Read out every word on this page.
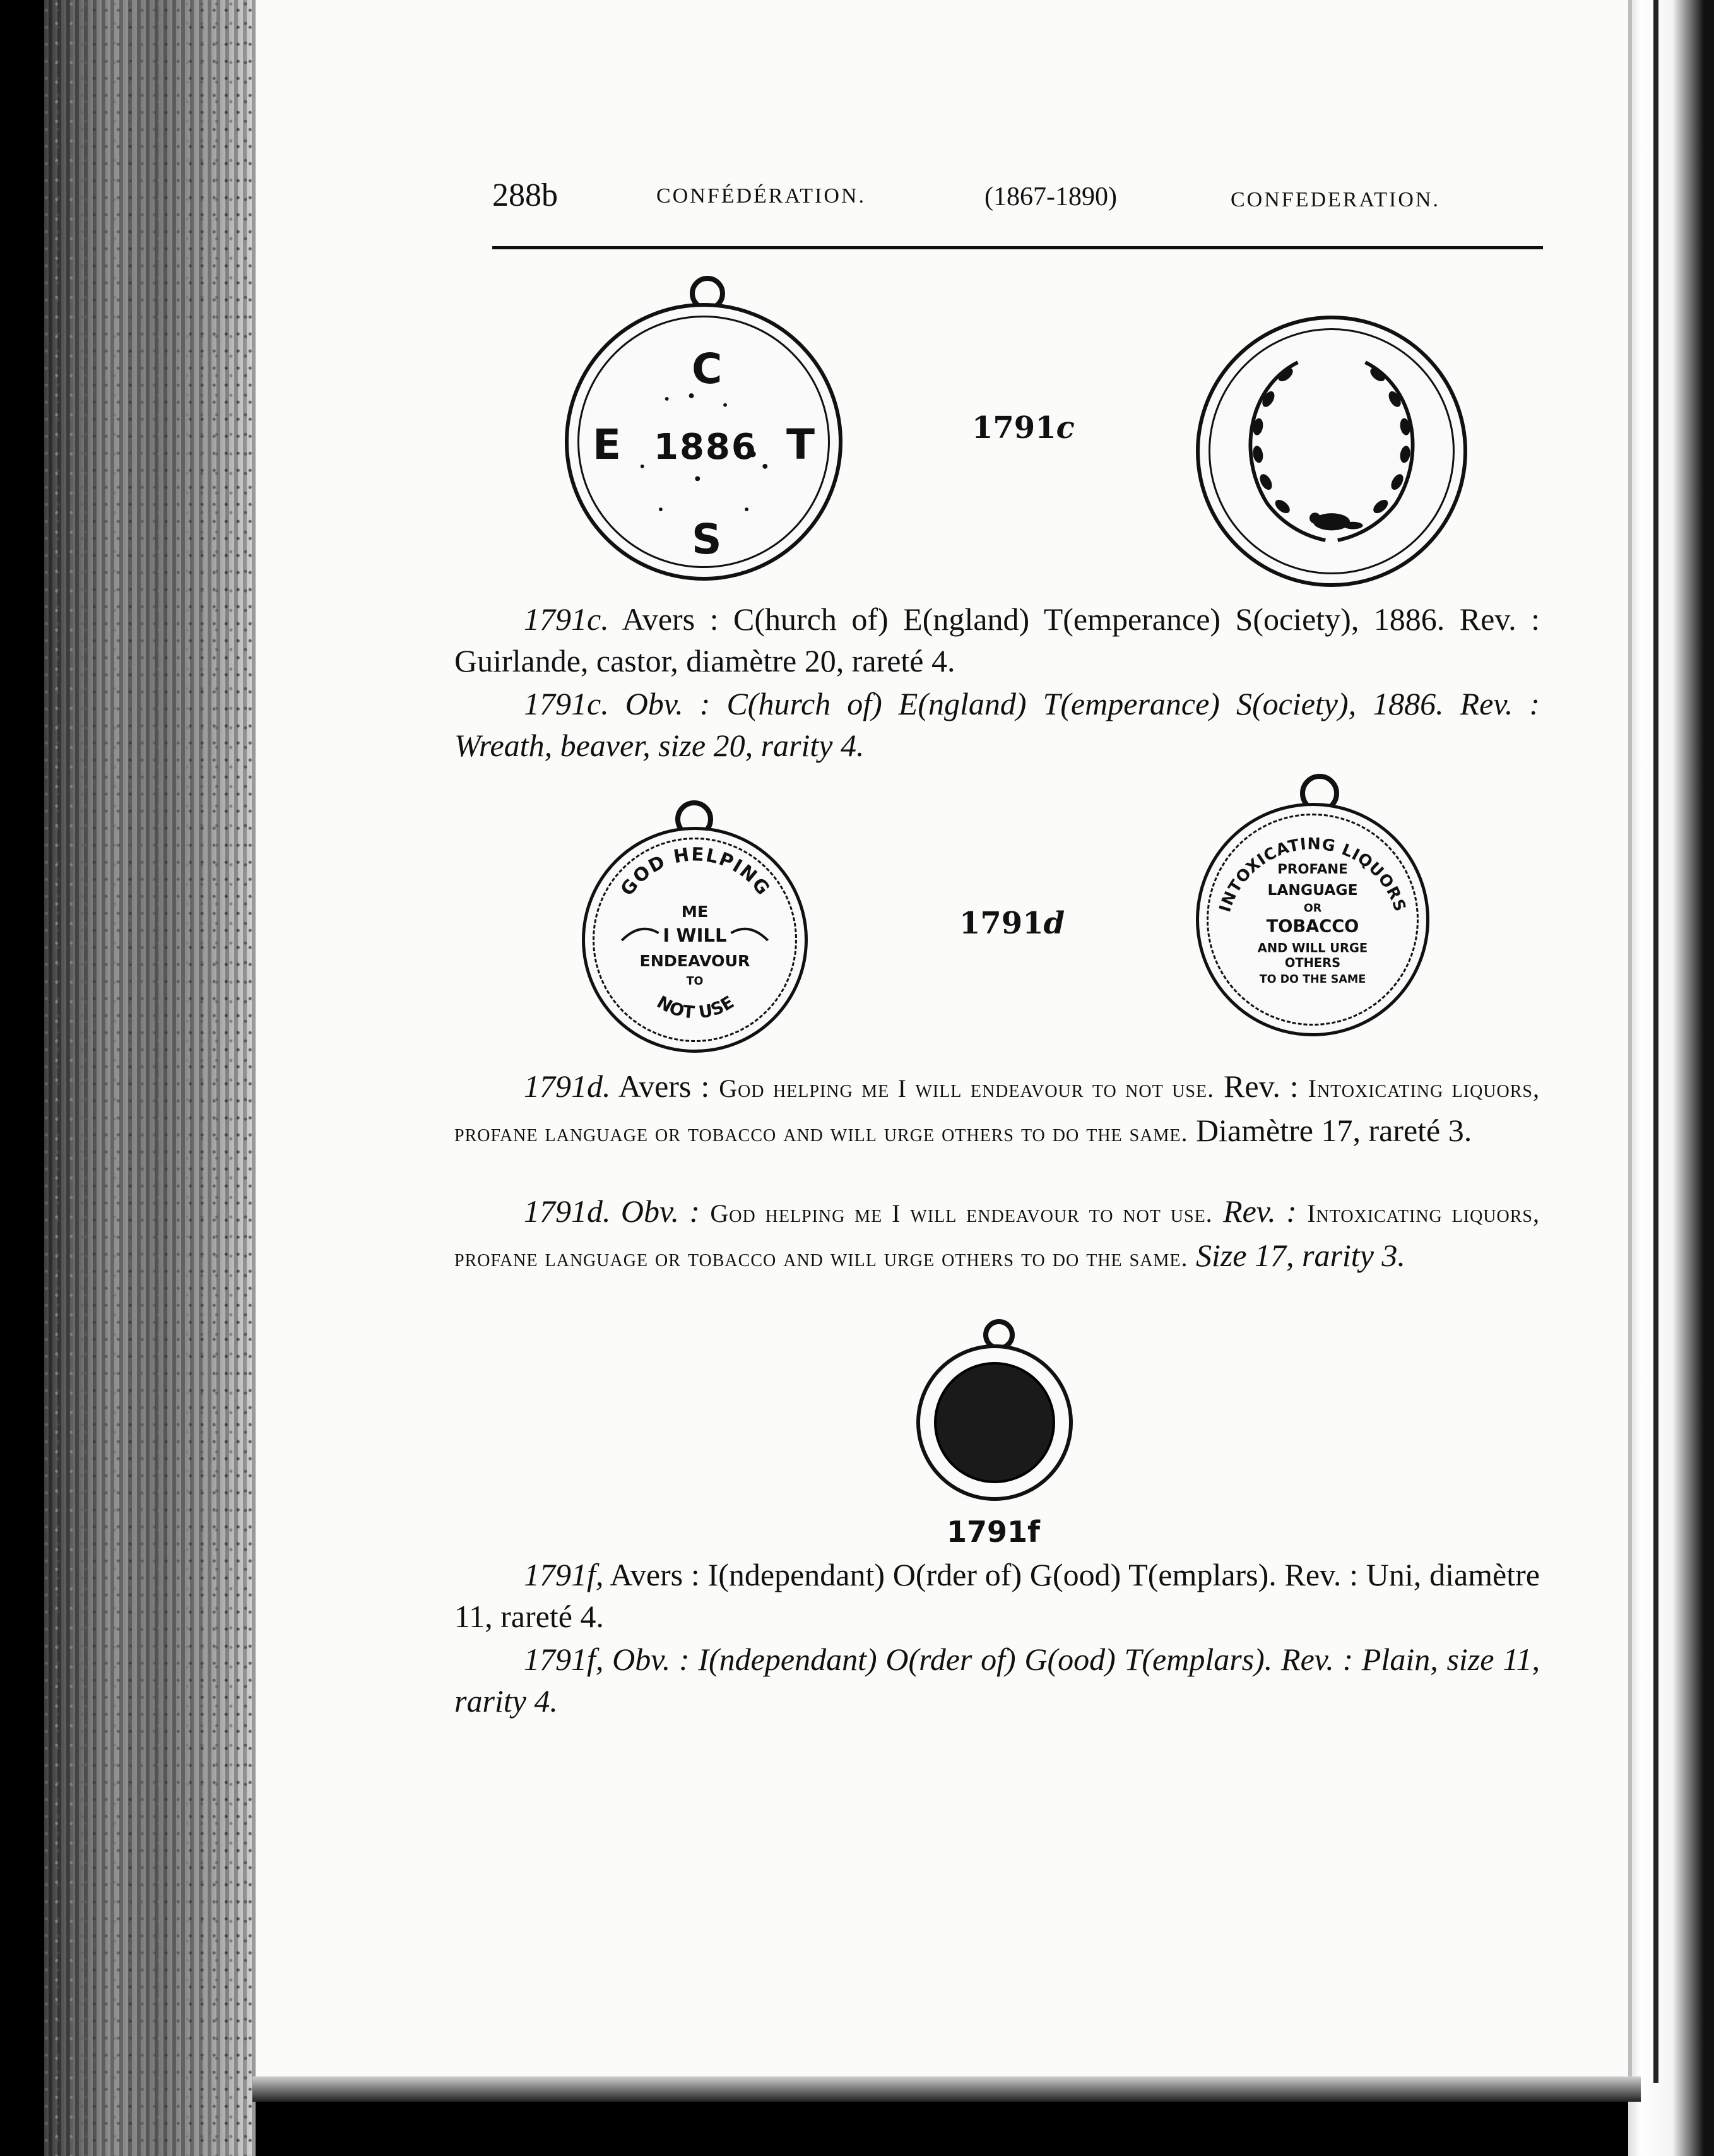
288b	CONFÉDÉRATION.	(1867-1890)	CONFEDERATION.
C
E 1886 T
S
1791c

1791c. Avers : C(hurch of) E(ngland) T(emperance) S(ociety), 1886. Rev. : Guirlande, castor, diamètre 20, rareté 4.

1791c. Obv. : C(hurch of) E(ngland) T(emperance) S(ociety), 1886. Rev. : Wreath, beaver, size 20, rarity 4.

GOD HELPING
ME
I WILL
ENDEAVOUR
TO
NOT USE
1791d	INTOXICATING LIQUORS
PROFANE
LANGUAGE
OR
TOBACCO
AND WILL URGE
OTHERS
TO DO THE SAME

1791d. Avers : God helping me I will endeavour to not use. Rev. : Intoxicating liquors, profane language or tobacco and will urge others to do the same. Diamètre 17, rareté 3.

1791d. Obv. : God helping me I will endeavour to not use. Rev. : Intoxicating liquors, profane language or tobacco and will urge others to do the same. Size 17, rarity 3.

1791f

1791f, Avers : I(ndependant) O(rder of) G(ood) T(emplars). Rev. : Uni, diamètre 11, rareté 4.

1791f, Obv. : I(ndependant) O(rder of) G(ood) T(emplars). Rev. : Plain, size 11, rarity 4.
